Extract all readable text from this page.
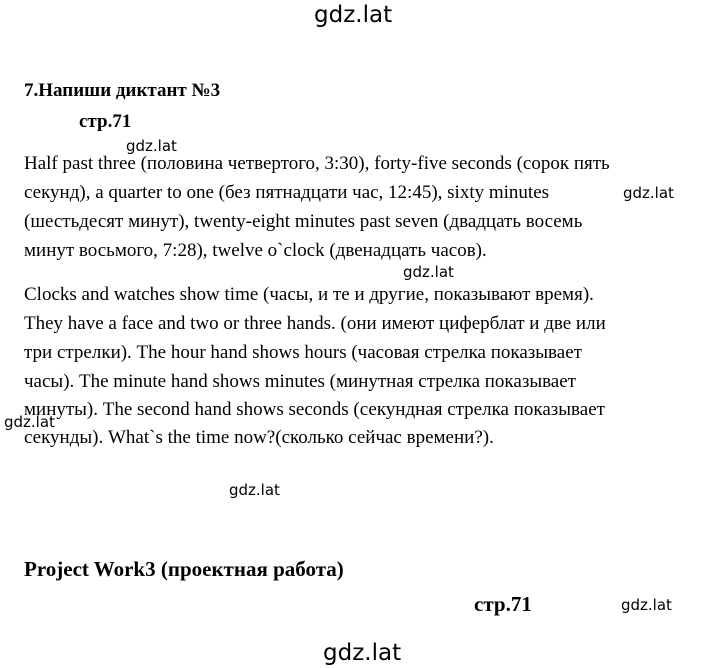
gdz.lat
gdz.lat
gdz.lat
gdz.lat
gdz.lat
gdz.lat
gdz.lat
gdz.lat
7.Напиши диктант №3
стр.71
Half past three (половина четвертого, 3:30), forty-five seconds (сорок пять
секунд), a quarter to one (без пятнадцати час, 12:45), sixty minutes
(шестьдесят минут), twenty-eight minutes past seven (двадцать восемь
минут восьмого, 7:28), twelve o`clock (двенадцать часов).
Clocks and watches show time (часы, и те и другие, показывают время).
They have a face and two or three hands. (они имеют циферблат и две или
три стрелки). The hour hand shows hours (часовая стрелка показывает
часы). The minute hand shows minutes (минутная стрелка показывает
минуты). The second hand shows seconds (секундная стрелка показывает
секунды). What`s the time now?(сколько сейчас времени?).
Project Work3 (проектная работа)
стр.71
